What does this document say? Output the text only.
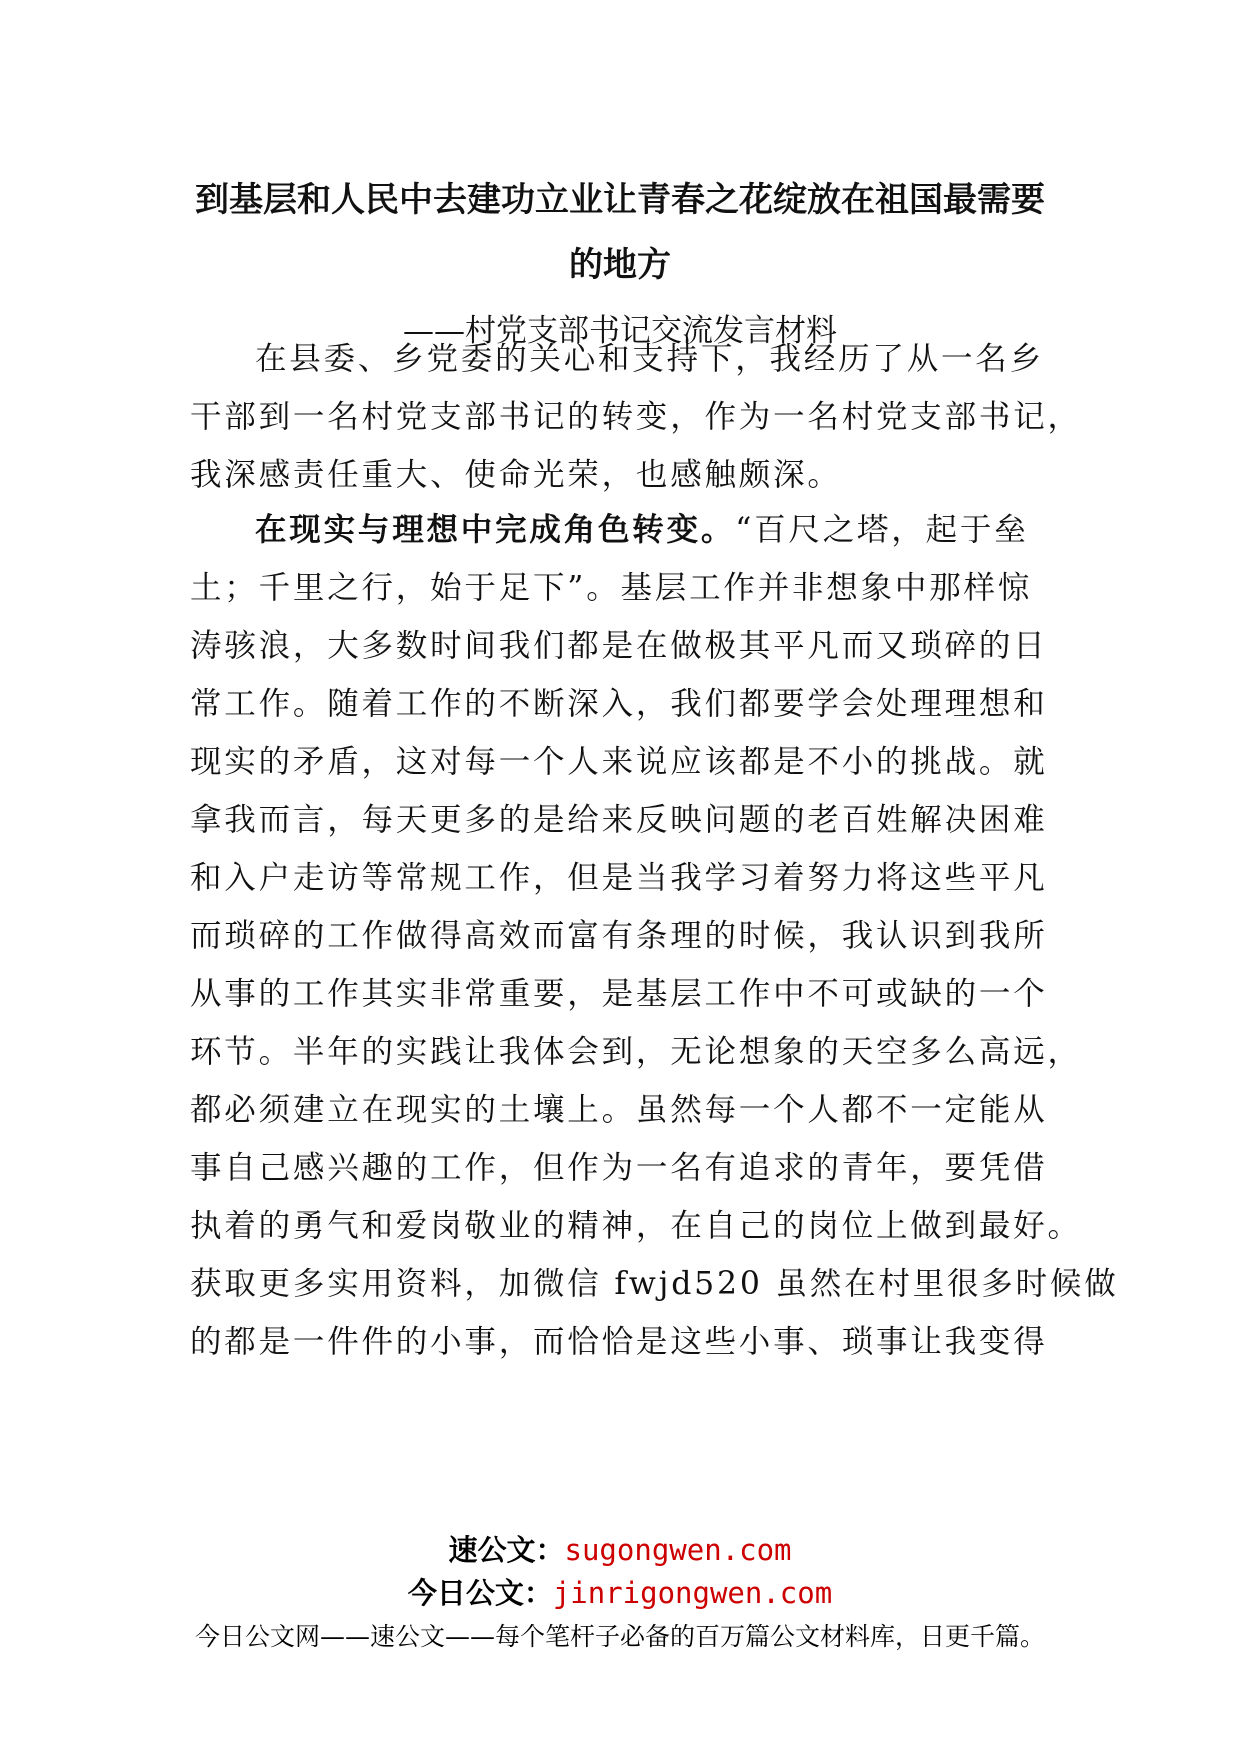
到基层和人民中去建功立业让青春之花绽放在祖国最需要
的地方

——村党支部书记交流发言材料

在县委、乡党委的关心和支持下，我经历了从一名乡

干部到一名村党支部书记的转变，作为一名村党支部书记，

我深感责任重大、使命光荣，也感触颇深。

在现实与理想中完成角色转变。“百尺之塔，起于垒

土；千里之行，始于足下”。基层工作并非想象中那样惊

涛骇浪，大多数时间我们都是在做极其平凡而又琐碎的日

常工作。随着工作的不断深入，我们都要学会处理理想和

现实的矛盾，这对每一个人来说应该都是不小的挑战。就

拿我而言，每天更多的是给来反映问题的老百姓解决困难

和入户走访等常规工作，但是当我学习着努力将这些平凡

而琐碎的工作做得高效而富有条理的时候，我认识到我所

从事的工作其实非常重要，是基层工作中不可或缺的一个

环节。半年的实践让我体会到，无论想象的天空多么高远，

都必须建立在现实的土壤上。虽然每一个人都不一定能从

事自己感兴趣的工作，但作为一名有追求的青年，要凭借

执着的勇气和爱岗敬业的精神，在自己的岗位上做到最好。

获取更多实用资料，加微信 fwjd520 虽然在村里很多时候做

的都是一件件的小事，而恰恰是这些小事、琐事让我变得

速公文：sugongwen.com

今日公文：jinrigongwen.com

今日公文网——速公文——每个笔杆子必备的百万篇公文材料库，日更千篇。
